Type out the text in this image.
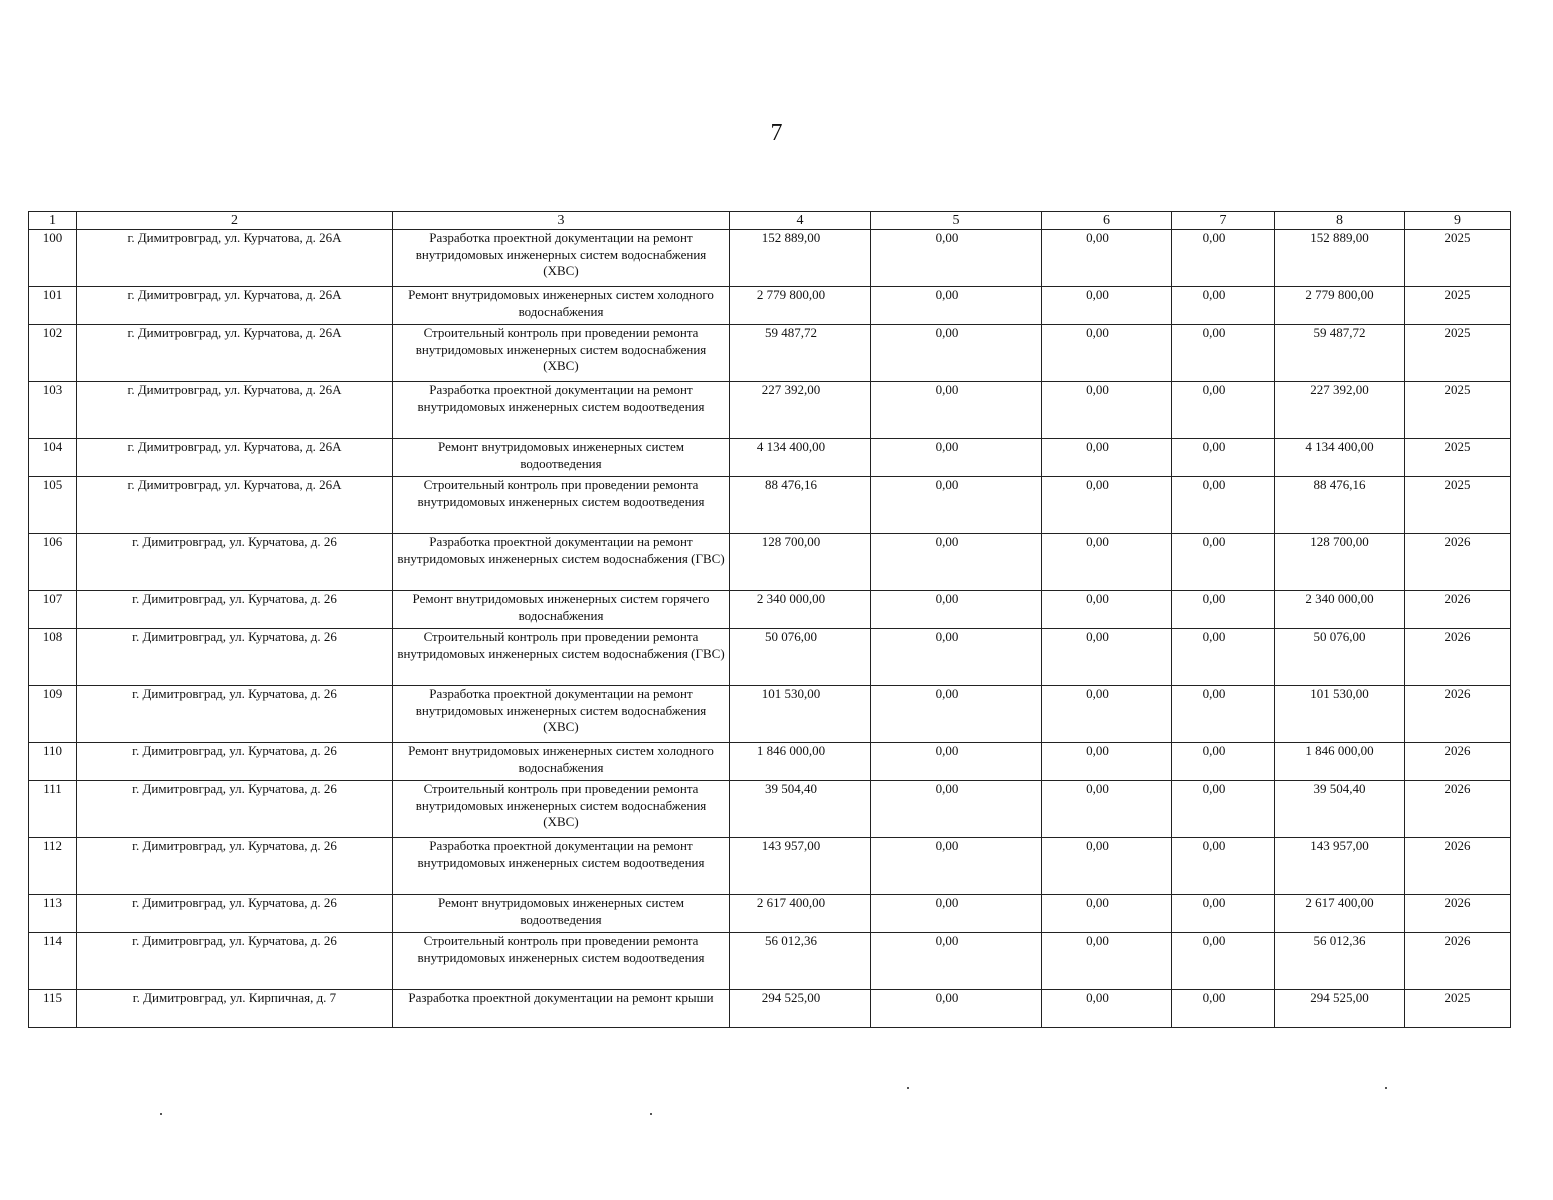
7
1	2	3	4	5	6	7	8	9
100	г. Димитровград, ул. Курчатова, д. 26А	Разработка проектной документации на ремонт внутридомовых инженерных систем водоснабжения (ХВС)	152 889,00	0,00	0,00	0,00	152 889,00	2025
101	г. Димитровград, ул. Курчатова, д. 26А	Ремонт внутридомовых инженерных систем холодного водоснабжения	2 779 800,00	0,00	0,00	0,00	2 779 800,00	2025
102	г. Димитровград, ул. Курчатова, д. 26А	Строительный контроль при проведении ремонта внутридомовых инженерных систем водоснабжения (ХВС)	59 487,72	0,00	0,00	0,00	59 487,72	2025
103	г. Димитровград, ул. Курчатова, д. 26А	Разработка проектной документации на ремонт внутридомовых инженерных систем водоотведения	227 392,00	0,00	0,00	0,00	227 392,00	2025
104	г. Димитровград, ул. Курчатова, д. 26А	Ремонт внутридомовых инженерных систем водоотведения	4 134 400,00	0,00	0,00	0,00	4 134 400,00	2025
105	г. Димитровград, ул. Курчатова, д. 26А	Строительный контроль при проведении ремонта внутридомовых инженерных систем водоотведения	88 476,16	0,00	0,00	0,00	88 476,16	2025
106	г. Димитровград, ул. Курчатова, д. 26	Разработка проектной документации на ремонт внутридомовых инженерных систем водоснабжения (ГВС)	128 700,00	0,00	0,00	0,00	128 700,00	2026
107	г. Димитровград, ул. Курчатова, д. 26	Ремонт внутридомовых инженерных систем горячего водоснабжения	2 340 000,00	0,00	0,00	0,00	2 340 000,00	2026
108	г. Димитровград, ул. Курчатова, д. 26	Строительный контроль при проведении ремонта внутридомовых инженерных систем водоснабжения (ГВС)	50 076,00	0,00	0,00	0,00	50 076,00	2026
109	г. Димитровград, ул. Курчатова, д. 26	Разработка проектной документации на ремонт внутридомовых инженерных систем водоснабжения (ХВС)	101 530,00	0,00	0,00	0,00	101 530,00	2026
110	г. Димитровград, ул. Курчатова, д. 26	Ремонт внутридомовых инженерных систем холодного водоснабжения	1 846 000,00	0,00	0,00	0,00	1 846 000,00	2026
111	г. Димитровград, ул. Курчатова, д. 26	Строительный контроль при проведении ремонта внутридомовых инженерных систем водоснабжения (ХВС)	39 504,40	0,00	0,00	0,00	39 504,40	2026
112	г. Димитровград, ул. Курчатова, д. 26	Разработка проектной документации на ремонт внутридомовых инженерных систем водоотведения	143 957,00	0,00	0,00	0,00	143 957,00	2026
113	г. Димитровград, ул. Курчатова, д. 26	Ремонт внутридомовых инженерных систем водоотведения	2 617 400,00	0,00	0,00	0,00	2 617 400,00	2026
114	г. Димитровград, ул. Курчатова, д. 26	Строительный контроль при проведении ремонта внутридомовых инженерных систем водоотведения	56 012,36	0,00	0,00	0,00	56 012,36	2026
115	г. Димитровград, ул. Кирпичная, д. 7	Разработка проектной документации на ремонт крыши	294 525,00	0,00	0,00	0,00	294 525,00	2025
